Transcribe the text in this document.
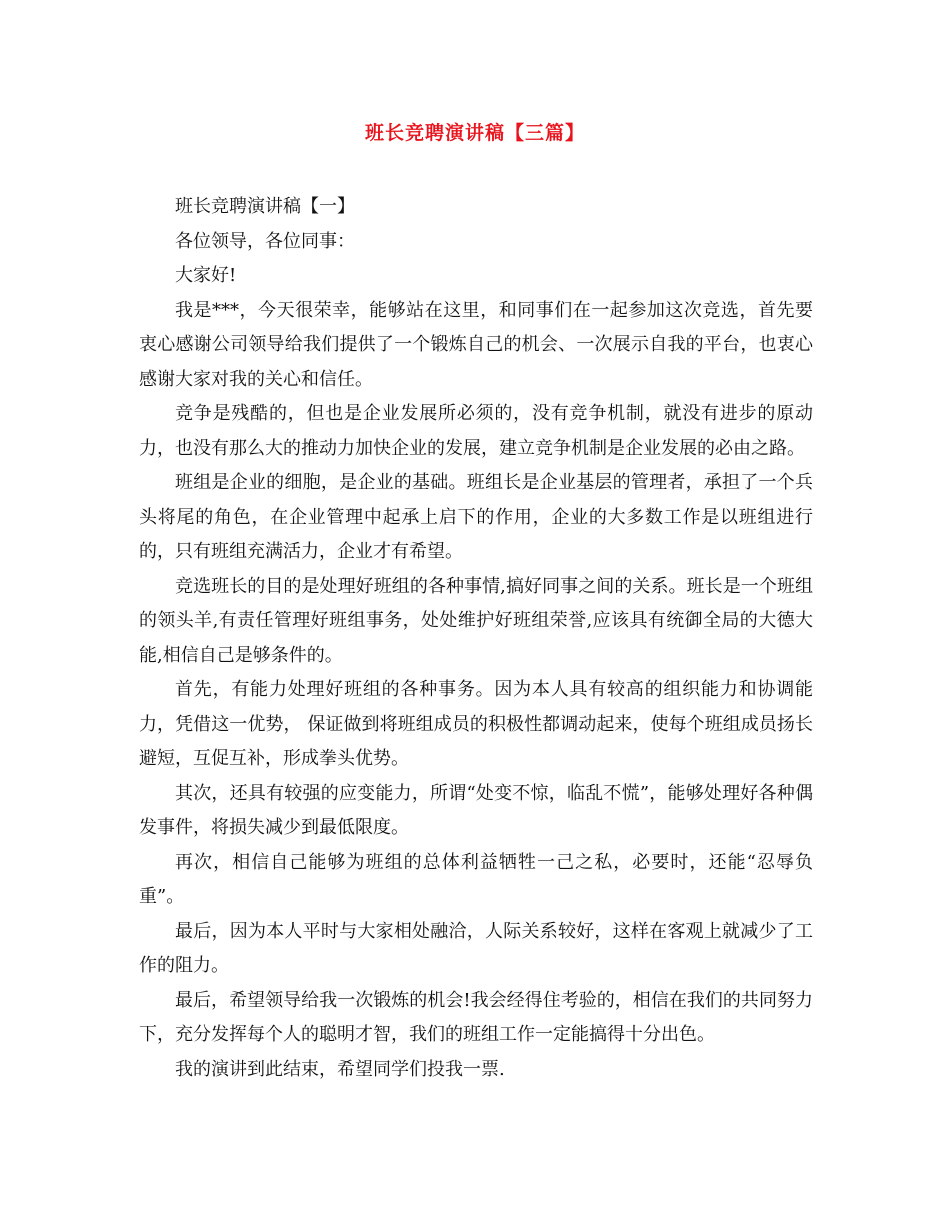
班长竞聘演讲稿【三篇】

班长竞聘演讲稿【一】

各位领导，各位同事：

大家好!

我是***，今天很荣幸，能够站在这里，和同事们在一起参加这次竞选，首先要衷心感谢公司领导给我们提供了一个锻炼自己的机会、一次展示自我的平台，也衷心感谢大家对我的关心和信任。

竞争是残酷的，但也是企业发展所必须的，没有竞争机制，就没有进步的原动力，也没有那么大的推动力加快企业的发展，建立竞争机制是企业发展的必由之路。

班组是企业的细胞，是企业的基础。班组长是企业基层的管理者，承担了一个兵头将尾的角色，在企业管理中起承上启下的作用，企业的大多数工作是以班组进行的，只有班组充满活力，企业才有希望。

竞选班长的目的是处理好班组的各种事情,搞好同事之间的关系。班长是一个班组的领头羊,有责任管理好班组事务，处处维护好班组荣誉,应该具有统御全局的大德大能,相信自己是够条件的。

首先，有能力处理好班组的各种事务。因为本人具有较高的组织能力和协调能力，凭借这一优势， 保证做到将班组成员的积极性都调动起来，使每个班组成员扬长避短，互促互补，形成拳头优势。

其次，还具有较强的应变能力，所谓“处变不惊，临乱不慌”，能够处理好各种偶发事件，将损失减少到最低限度。

再次，相信自己能够为班组的总体利益牺牲一己之私，必要时，还能“忍辱负重”。

最后，因为本人平时与大家相处融洽，人际关系较好，这样在客观上就减少了工作的阻力。

最后，希望领导给我一次锻炼的机会!我会经得住考验的，相信在我们的共同努力下，充分发挥每个人的聪明才智，我们的班组工作一定能搞得十分出色。

我的演讲到此结束，希望同学们投我一票.
